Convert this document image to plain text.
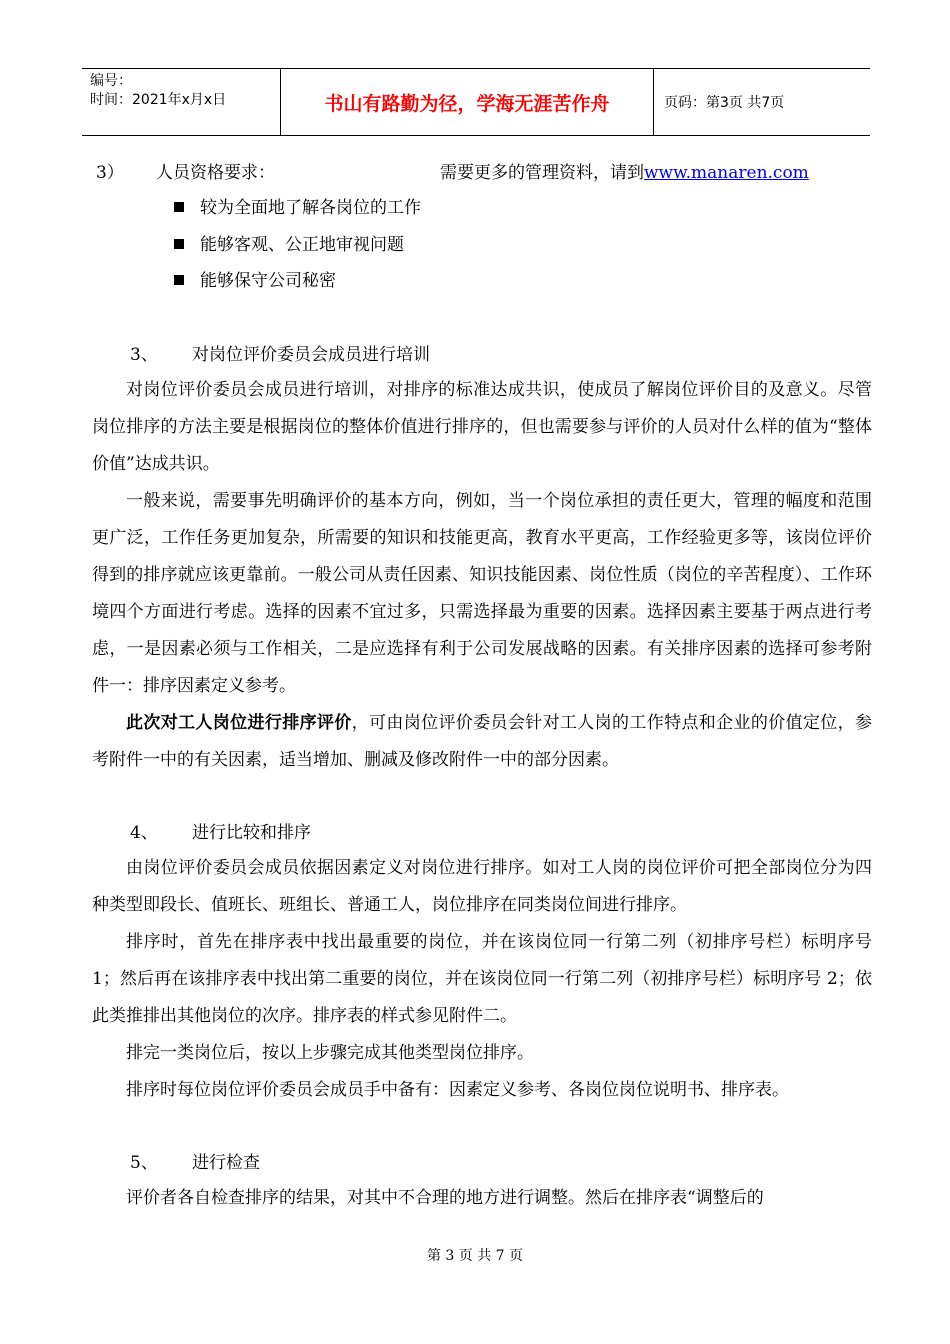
编号：
时间：2021年x月x日	书山有路勤为径，学海无涯苦作舟	页码：第3页 共7页
3） 人员资格要求：	需要更多的管理资料，请到www.manaren.com
较为全面地了解各岗位的工作
能够客观、公正地审视问题
能够保守公司秘密
3、 对岗位评价委员会成员进行培训
对岗位评价委员会成员进行培训，对排序的标准达成共识，使成员了解岗位评价目的及意义。尽管岗位排序的方法主要是根据岗位的整体价值进行排序的，但也需要参与评价的人员对什么样的值为“整体价值”达成共识。
一般来说，需要事先明确评价的基本方向，例如，当一个岗位承担的责任更大，管理的幅度和范围更广泛，工作任务更加复杂，所需要的知识和技能更高，教育水平更高，工作经验更多等，该岗位评价得到的排序就应该更靠前。一般公司从责任因素、知识技能因素、岗位性质（岗位的辛苦程度）、工作环境四个方面进行考虑。选择的因素不宜过多，只需选择最为重要的因素。选择因素主要基于两点进行考虑，一是因素必须与工作相关，二是应选择有利于公司发展战略的因素。有关排序因素的选择可参考附件一：排序因素定义参考。
此次对工人岗位进行排序评价，可由岗位评价委员会针对工人岗的工作特点和企业的价值定位，参考附件一中的有关因素，适当增加、删减及修改附件一中的部分因素。
4、 进行比较和排序
由岗位评价委员会成员依据因素定义对岗位进行排序。如对工人岗的岗位评价可把全部岗位分为四种类型即段长、值班长、班组长、普通工人，岗位排序在同类岗位间进行排序。
排序时，首先在排序表中找出最重要的岗位，并在该岗位同一行第二列（初排序号栏）标明序号 1；然后再在该排序表中找出第二重要的岗位，并在该岗位同一行第二列（初排序号栏）标明序号 2；依此类推排出其他岗位的次序。排序表的样式参见附件二。
排完一类岗位后，按以上步骤完成其他类型岗位排序。
排序时每位岗位评价委员会成员手中备有：因素定义参考、各岗位岗位说明书、排序表。
5、 进行检查
评价者各自检查排序的结果，对其中不合理的地方进行调整。然后在排序表“调整后的
第 3 页 共 7 页
